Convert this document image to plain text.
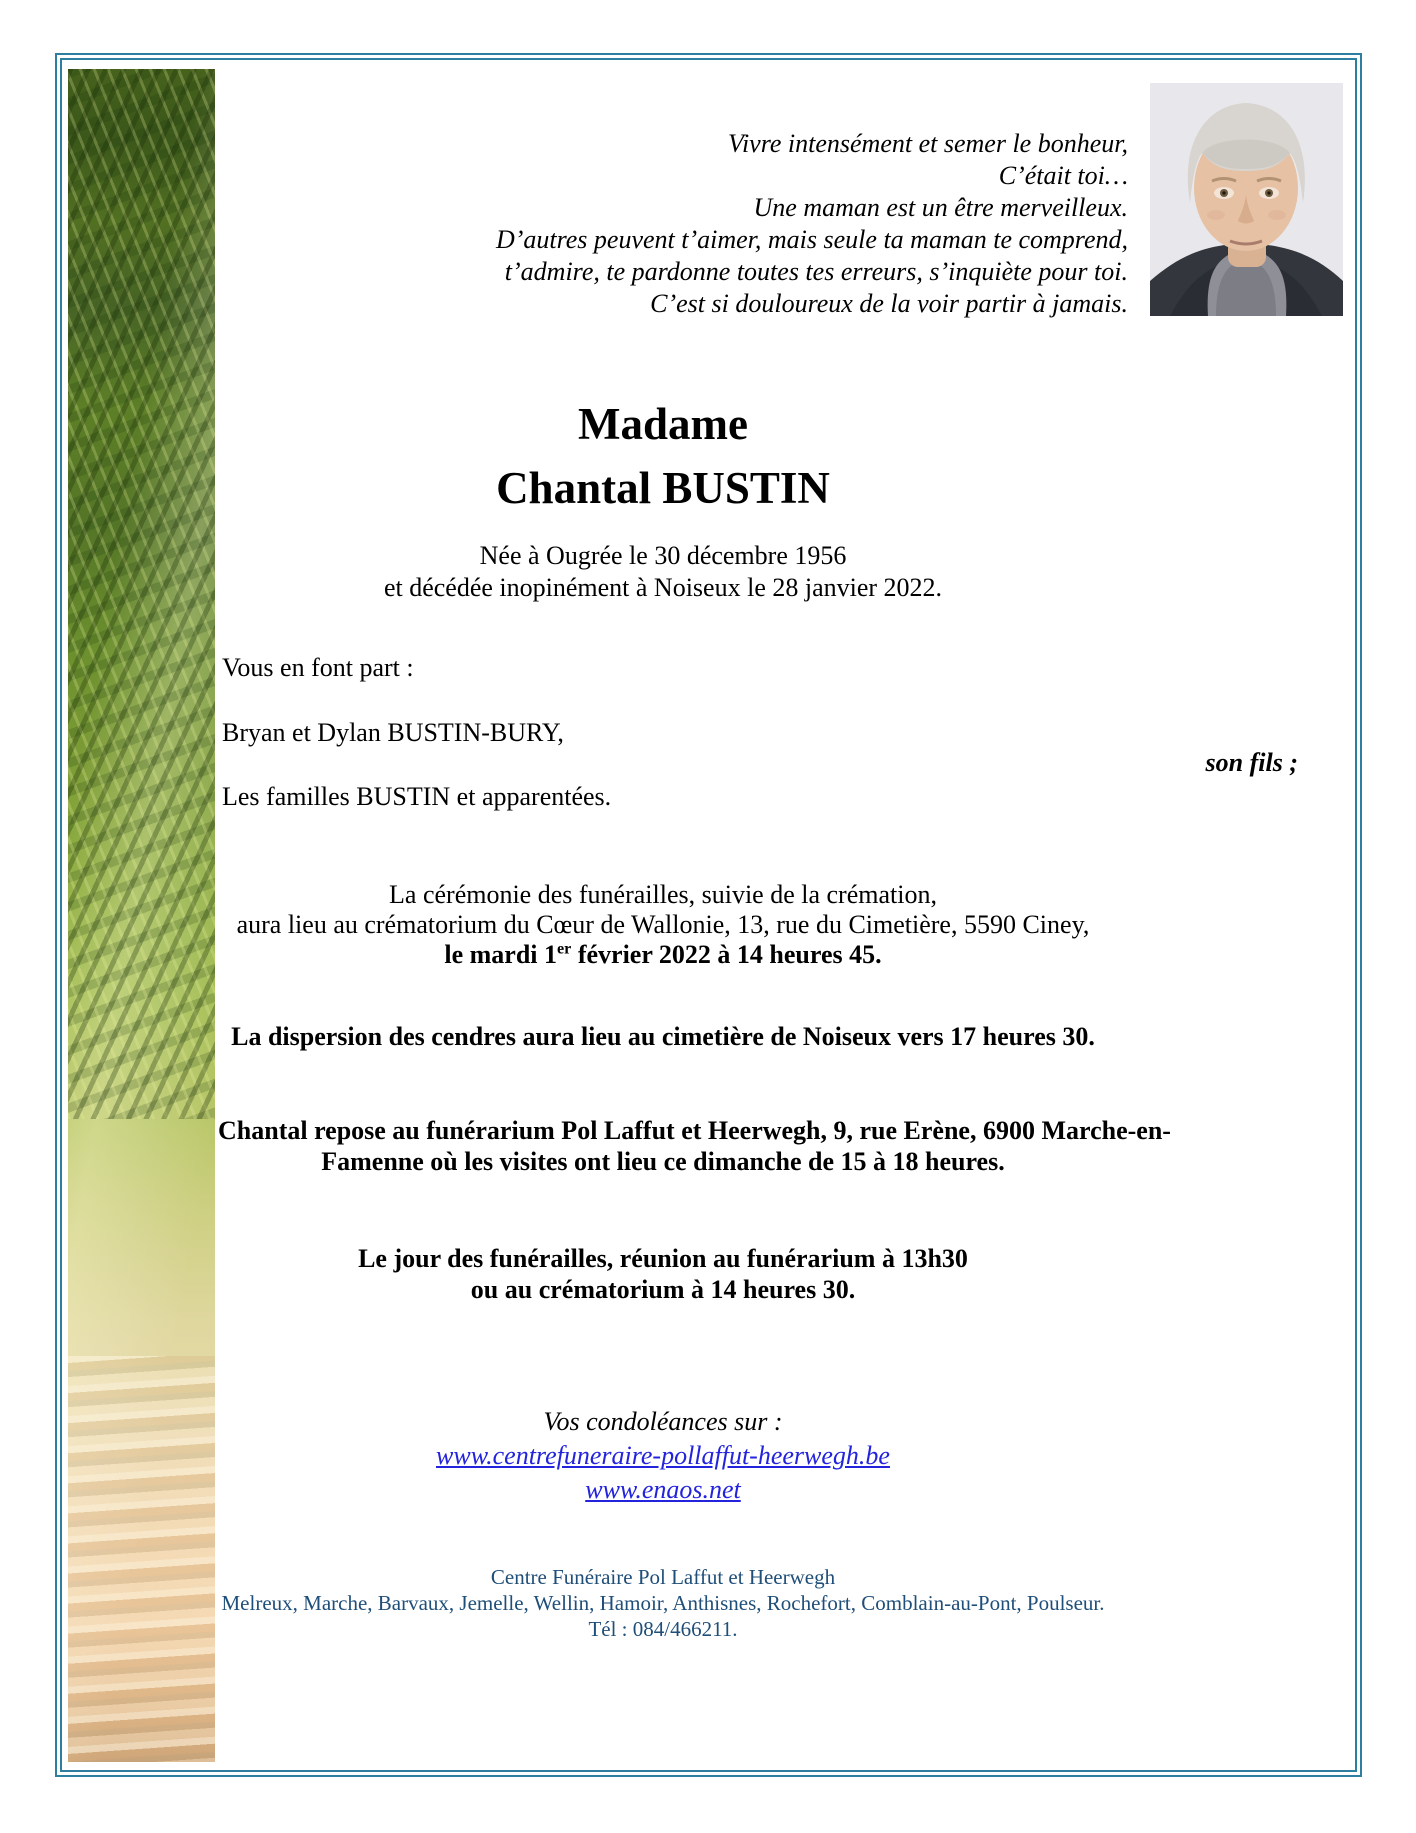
Vivre intensément et semer le bonheur,
C’était toi…
Une maman est un être merveilleux.
D’autres peuvent t’aimer, mais seule ta maman te comprend,
t’admire, te pardonne toutes tes erreurs, s’inquiète pour toi.
C’est si douloureux de la voir partir à jamais.
Madame
Chantal BUSTIN
Née à Ougrée le 30 décembre 1956
et décédée inopinément à Noiseux le 28 janvier 2022.
Vous en font part :
Bryan et Dylan BUSTIN-BURY,
son fils ;
Les familles BUSTIN et apparentées.
La cérémonie des funérailles, suivie de la crémation,
aura lieu au crématorium du Cœur de Wallonie, 13, rue du Cimetière, 5590 Ciney,
le mardi 1er février 2022 à 14 heures 45.
La dispersion des cendres aura lieu au cimetière de Noiseux vers 17 heures 30.
Chantal repose au funérarium Pol Laffut et Heerwegh, 9, rue Erène, 6900 Marche-en-
Famenne où les visites ont lieu ce dimanche de 15 à 18 heures.
Le jour des funérailles, réunion au funérarium à 13h30
ou au crématorium à 14 heures 30.
Vos condoléances sur :
www.centrefuneraire-pollaffut-heerwegh.be
www.enaos.net
Centre Funéraire Pol Laffut et Heerwegh
Melreux, Marche, Barvaux, Jemelle, Wellin, Hamoir, Anthisnes, Rochefort, Comblain-au-Pont, Poulseur.
Tél : 084/466211.
